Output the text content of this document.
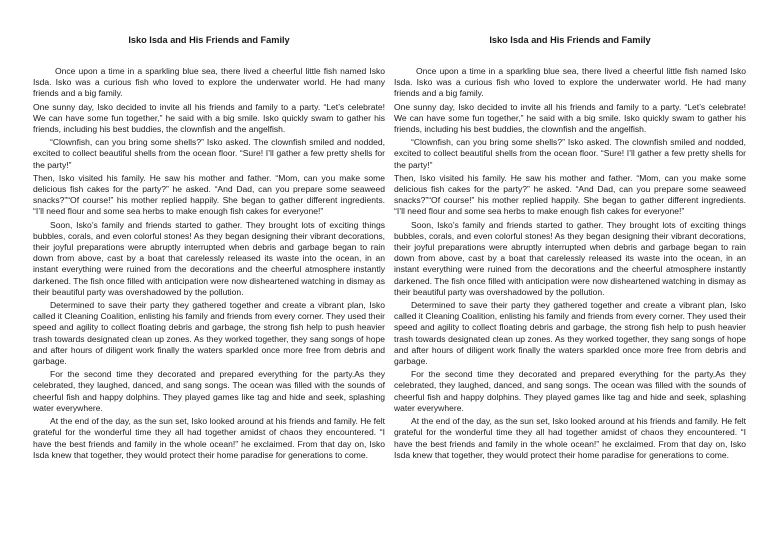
Isko Isda and His Friends and Family

Once upon a time in a sparkling blue sea, there lived a cheerful little fish named Isko Isda. Isko was a curious fish who loved to explore the underwater world. He had many friends and a big family.

One sunny day, Isko decided to invite all his friends and family to a party. “Let’s celebrate! We can have some fun together,” he said with a big smile. Isko quickly swam to gather his friends, including his best buddies, the clownfish and the angelfish.

“Clownfish, can you bring some shells?” Isko asked. The clownfish smiled and nodded, excited to collect beautiful shells from the ocean floor. “Sure! I’ll gather a few pretty shells for the party!”

Then, Isko visited his family. He saw his mother and father. “Mom, can you make some delicious fish cakes for the party?” he asked. “And Dad, can you prepare some seaweed snacks?”“Of course!” his mother replied happily. She began to gather different ingredients. “I’ll need flour and some sea herbs to make enough fish cakes for everyone!”

Soon, Isko’s family and friends started to gather. They brought lots of exciting things bubbles, corals, and even colorful stones! As they began designing their vibrant decorations, their joyful preparations were abruptly interrupted when debris and garbage began to rain down from above, cast by a boat that carelessly released its waste into the ocean, in an instant everything were ruined from the decorations and the cheerful atmosphere instantly darkened. The fish once filled with anticipation were now disheartened watching in dismay as their beautiful party was overshadowed by the pollution.

Determined to save their party they gathered together and create a vibrant plan, Isko called it Cleaning Coalition, enlisting his family and friends from every corner. They used their speed and agility to collect floating debris and garbage, the strong fish help to push heavier trash towards designated clean up zones. As they worked together, they sang songs of hope and after hours of diligent work finally the waters sparkled once more free from debris and garbage.

For the second time they decorated and prepared everything for the party.As they celebrated, they laughed, danced, and sang songs. The ocean was filled with the sounds of cheerful fish and happy dolphins. They played games like tag and hide and seek, splashing water everywhere.

At the end of the day, as the sun set, Isko looked around at his friends and family. He felt grateful for the wonderful time they all had together amidst of chaos they encountered. “I have the best friends and family in the whole ocean!” he exclaimed. From that day on, Isko Isda knew that together, they would protect their home paradise for generations to come.

Isko Isda and His Friends and Family

Once upon a time in a sparkling blue sea, there lived a cheerful little fish named Isko Isda. Isko was a curious fish who loved to explore the underwater world. He had many friends and a big family.

One sunny day, Isko decided to invite all his friends and family to a party. “Let’s celebrate! We can have some fun together,” he said with a big smile. Isko quickly swam to gather his friends, including his best buddies, the clownfish and the angelfish.

“Clownfish, can you bring some shells?” Isko asked. The clownfish smiled and nodded, excited to collect beautiful shells from the ocean floor. “Sure! I’ll gather a few pretty shells for the party!”

Then, Isko visited his family. He saw his mother and father. “Mom, can you make some delicious fish cakes for the party?” he asked. “And Dad, can you prepare some seaweed snacks?”“Of course!” his mother replied happily. She began to gather different ingredients. “I’ll need flour and some sea herbs to make enough fish cakes for everyone!”

Soon, Isko’s family and friends started to gather. They brought lots of exciting things bubbles, corals, and even colorful stones! As they began designing their vibrant decorations, their joyful preparations were abruptly interrupted when debris and garbage began to rain down from above, cast by a boat that carelessly released its waste into the ocean, in an instant everything were ruined from the decorations and the cheerful atmosphere instantly darkened. The fish once filled with anticipation were now disheartened watching in dismay as their beautiful party was overshadowed by the pollution.

Determined to save their party they gathered together and create a vibrant plan, Isko called it Cleaning Coalition, enlisting his family and friends from every corner. They used their speed and agility to collect floating debris and garbage, the strong fish help to push heavier trash towards designated clean up zones. As they worked together, they sang songs of hope and after hours of diligent work finally the waters sparkled once more free from debris and garbage.

For the second time they decorated and prepared everything for the party.As they celebrated, they laughed, danced, and sang songs. The ocean was filled with the sounds of cheerful fish and happy dolphins. They played games like tag and hide and seek, splashing water everywhere.

At the end of the day, as the sun set, Isko looked around at his friends and family. He felt grateful for the wonderful time they all had together amidst of chaos they encountered. “I have the best friends and family in the whole ocean!” he exclaimed. From that day on, Isko Isda knew that together, they would protect their home paradise for generations to come.
